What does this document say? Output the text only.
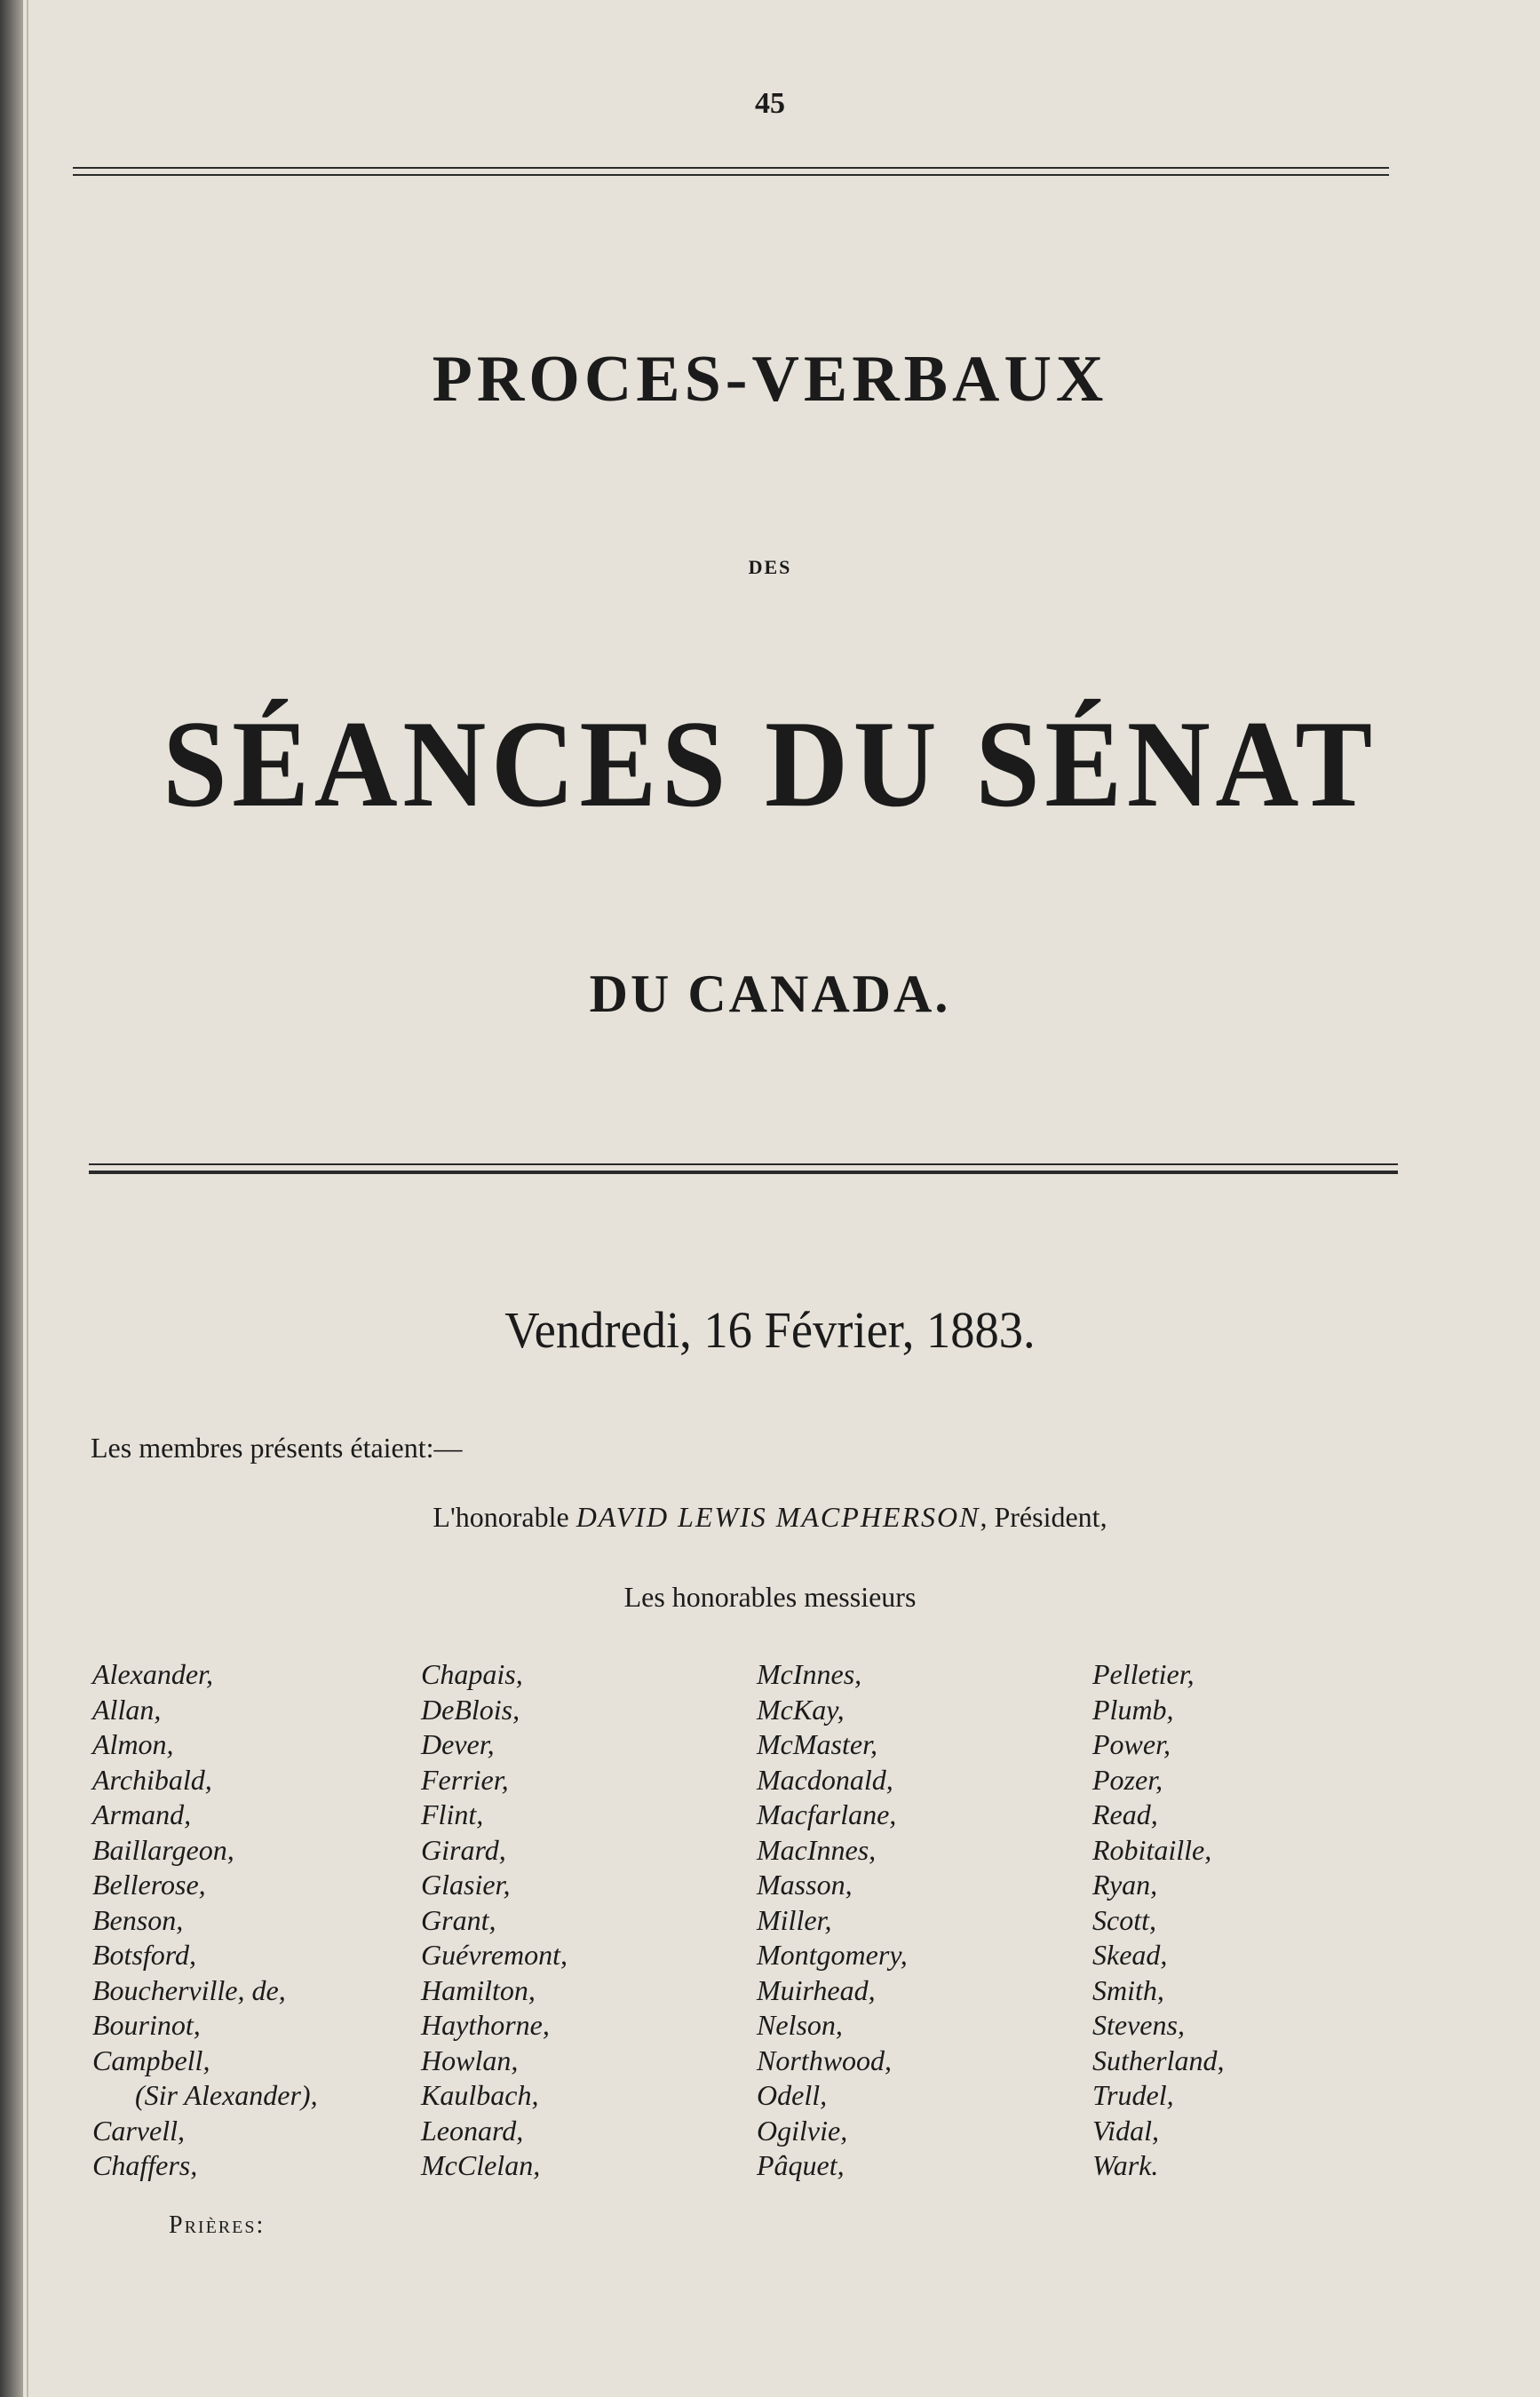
45
PROCES-VERBAUX
DES
SÉANCES DU SÉNAT
DU CANADA.
Vendredi, 16 Février, 1883.
Les membres présents étaient:—
L'honorable DAVID LEWIS MACPHERSON, Président,
Les honorables messieurs
Alexander,
Allan,
Almon,
Archibald,
Armand,
Baillargeon,
Bellerose,
Benson,
Botsford,
Boucherville, de,
Bourinot,
Campbell,
(Sir Alexander),
Carvell,
Chaffers,
Chapais,
DeBlois,
Dever,
Ferrier,
Flint,
Girard,
Glasier,
Grant,
Guévremont,
Hamilton,
Haythorne,
Howlan,
Kaulbach,
Leonard,
McClelan,
McInnes,
McKay,
McMaster,
Macdonald,
Macfarlane,
MacInnes,
Masson,
Miller,
Montgomery,
Muirhead,
Nelson,
Northwood,
Odell,
Ogilvie,
Pâquet,
Pelletier,
Plumb,
Power,
Pozer,
Read,
Robitaille,
Ryan,
Scott,
Skead,
Smith,
Stevens,
Sutherland,
Trudel,
Vidal,
Wark.
Prières:
